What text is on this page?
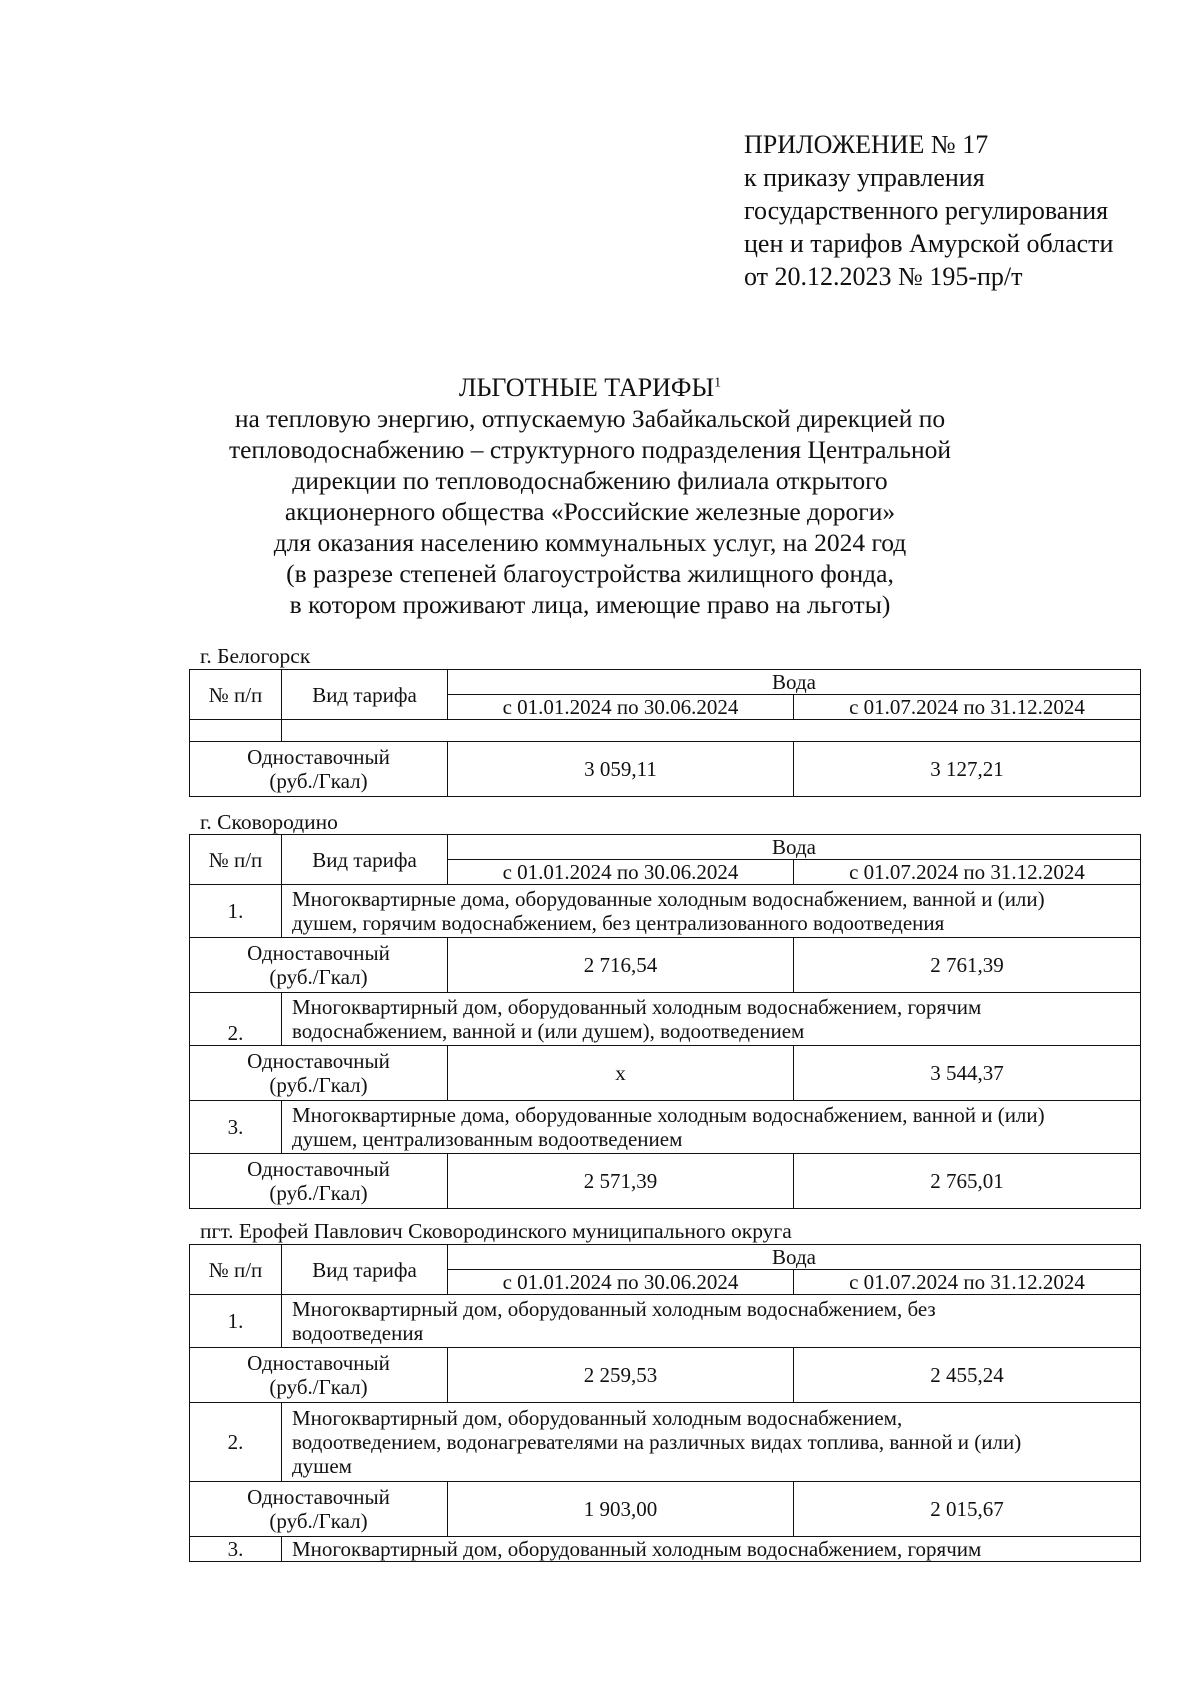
ПРИЛОЖЕНИЕ № 17
к приказу управления
государственного регулирования
цен и тарифов Амурской области
от 20.12.2023 № 195-пр/т
ЛЬГОТНЫЕ ТАРИФЫ$^1$
на тепловую энергию, отпускаемую Забайкальской дирекцией по
тепловодоснабжению – структурного подразделения Центральной
дирекции по тепловодоснабжению филиала открытого
акционерного общества «Российские железные дороги»
для оказания населению коммунальных услуг, на 2024 год
(в разрезе степеней благоустройства жилищного фонда,
в котором проживают лица, имеющие право на льготы)
г. Белогорск
№ п/п	Вид тарифа	Вода	
		с 01.01.2024 по 30.06.2024	с 01.07.2024 по 31.12.2024

Одноставочный
(руб./Гкал)		3 059,11	3 127,21
г. Сковородино
№ п/п	Вид тарифа	Вода	
		с 01.01.2024 по 30.06.2024	с 01.07.2024 по 31.12.2024
1.	Многоквартирные дома, оборудованные холодным водоснабжением, ванной и (или)
душем, горячим водоснабжением, без централизованного водоотведения		

Одноставочный
(руб./Гкал)		2 716,54	2 761,39
2.	Многоквартирный дом, оборудованный холодным водоснабжением, горячим
водоснабжением, ванной и (или душем), водоотведением		

Одноставочный
(руб./Гкал)		х	3 544,37
3.	Многоквартирные дома, оборудованные холодным водоснабжением, ванной и (или)
душем, централизованным водоотведением		

Одноставочный
(руб./Гкал)		2 571,39	2 765,01
пгт. Ерофей Павлович Сковородинского муниципального округа
№ п/п	Вид тарифа	Вода	
		с 01.01.2024 по 30.06.2024	с 01.07.2024 по 31.12.2024
1.	Многоквартирный дом, оборудованный холодным водоснабжением, без
водоотведения		

Одноставочный
(руб./Гкал)		2 259,53	2 455,24
2.	Многоквартирный дом, оборудованный холодным водоснабжением,
водоотведением, водонагревателями на различных видах топлива, ванной и (или)
душем		

Одноставочный
(руб./Гкал)		1 903,00	2 015,67
3.	Многоквартирный дом, оборудованный холодным водоснабжением, горячим		
